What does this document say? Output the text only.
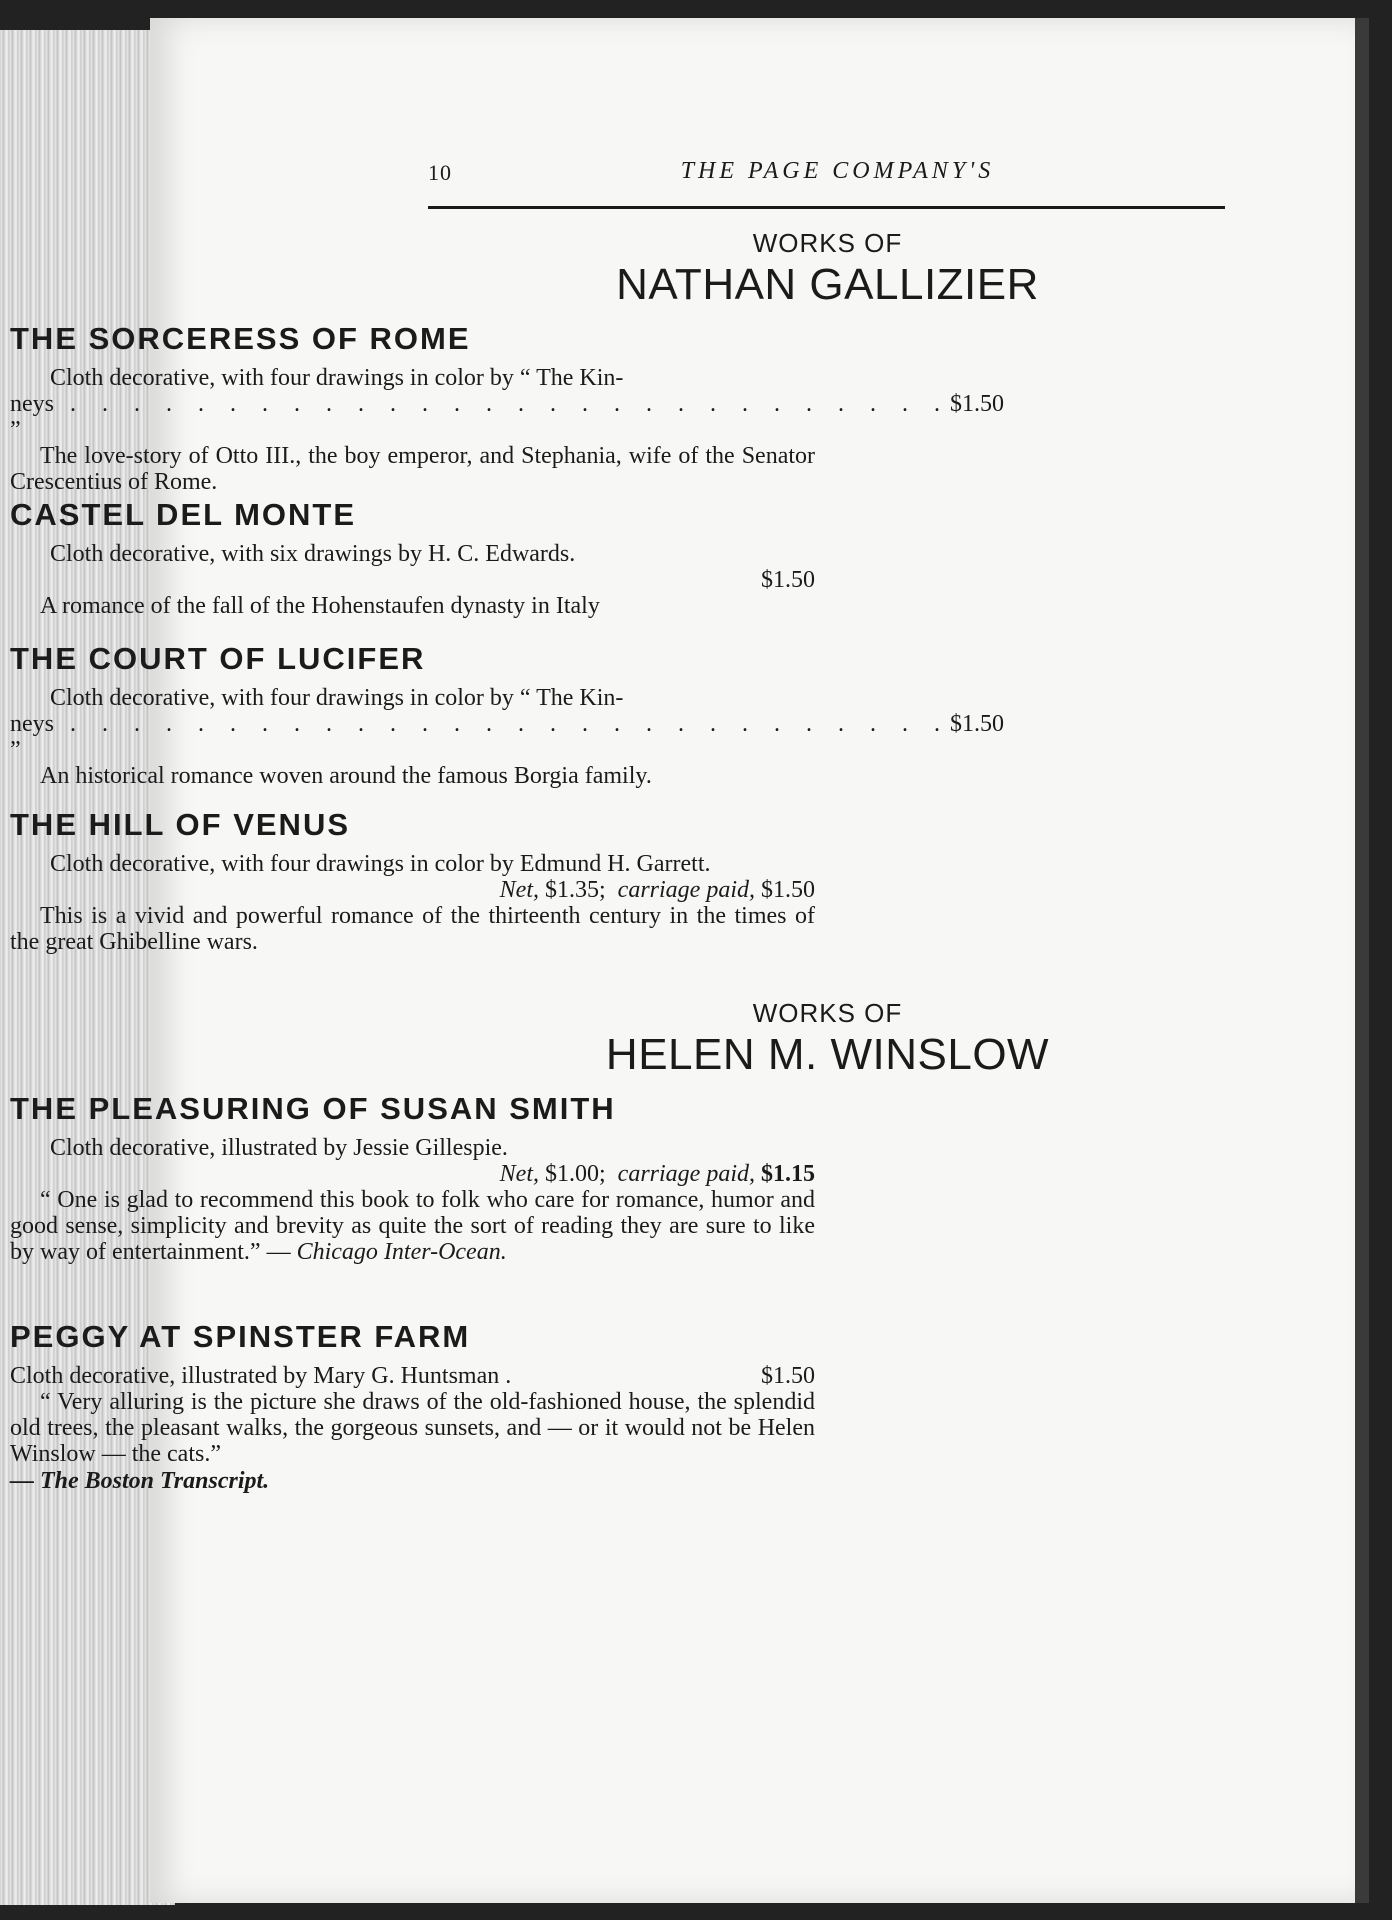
10	THE PAGE COMPANY'S
WORKS OF
NATHAN GALLIZIER
THE SORCERESS OF ROME

Cloth decorative, with four drawings in color by “ The Kin-

neys ”
. . . . . . . . . . . . . . . . . . . . . . . . . . . . $1.50

The love-story of Otto III., the boy emperor, and Stephania, wife of the Senator Crescentius of Rome.

CASTEL DEL MONTE

Cloth decorative, with six drawings by H. C. Edwards.

$1.50

A romance of the fall of the Hohenstaufen dynasty in Italy

THE COURT OF LUCIFER

Cloth decorative, with four drawings in color by “ The Kin-

neys ”
. . . . . . . . . . . . . . . . . . . . . . . . . . . . $1.50

An historical romance woven around the famous Borgia family.

THE HILL OF VENUS

Cloth decorative, with four drawings in color by Edmund H. Garrett.

Net, $1.35; carriage paid, $1.50

This is a vivid and powerful romance of the thirteenth century in the times of the great Ghibelline wars.

WORKS OF
HELEN M. WINSLOW
THE PLEASURING OF SUSAN SMITH

Cloth decorative, illustrated by Jessie Gillespie.

Net, $1.00; carriage paid, $1.15

“ One is glad to recommend this book to folk who care for romance, humor and good sense, simplicity and brevity as quite the sort of reading they are sure to like by way of entertainment.” — Chicago Inter-Ocean.

PEGGY AT SPINSTER FARM
Cloth decorative, illustrated by Mary G. Huntsman .
	$1.50

“ Very alluring is the picture she draws of the old-fashioned house, the splendid old trees, the pleasant walks, the gorgeous sunsets, and — or it would not be Helen Winslow — the cats.”

— The Boston Transcript.
